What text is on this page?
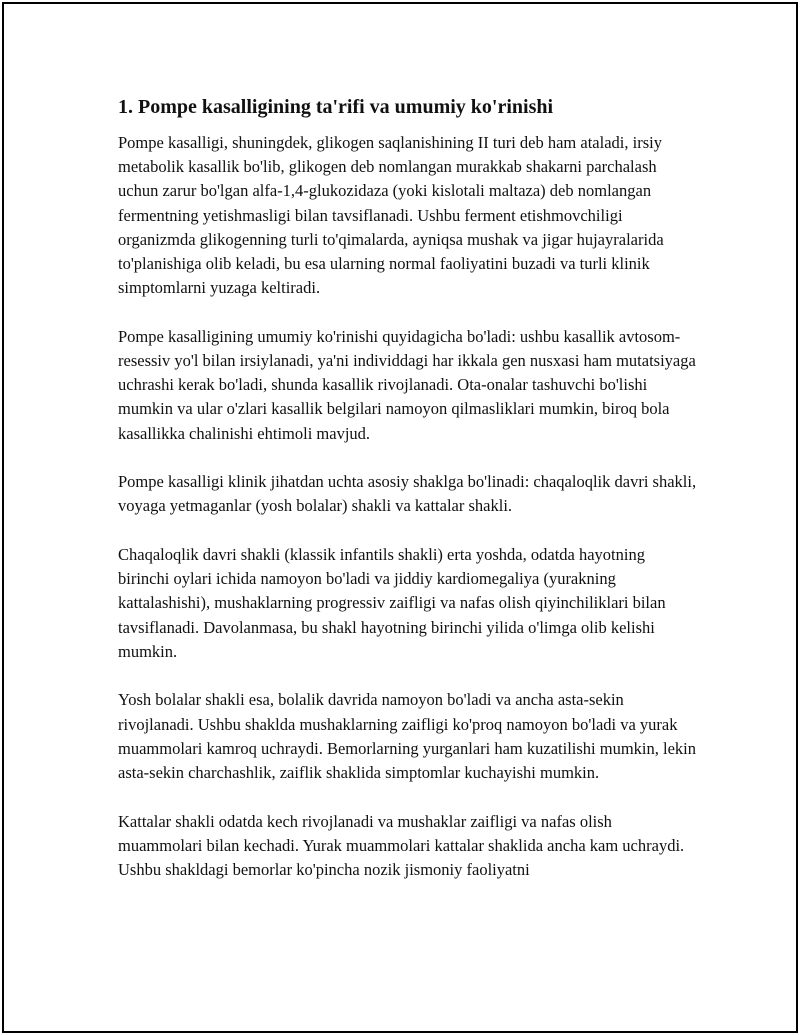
1. Pompe kasalligining ta'rifi va umumiy ko'rinishi

Pompe kasalligi, shuningdek, glikogen saqlanishining II turi deb ham ataladi, irsiy metabolik kasallik bo'lib, glikogen deb nomlangan murakkab shakarni parchalash uchun zarur bo'lgan alfa-1,4-glukozidaza (yoki kislotali maltaza) deb nomlangan fermentning yetishmasligi bilan tavsiflanadi. Ushbu ferment etishmovchiligi organizmda glikogenning turli to'qimalarda, ayniqsa mushak va jigar hujayralarida to'planishiga olib keladi, bu esa ularning normal faoliyatini buzadi va turli klinik simptomlarni yuzaga keltiradi.

Pompe kasalligining umumiy ko'rinishi quyidagicha bo'ladi: ushbu kasallik avtosom-resessiv yo'l bilan irsiylanadi, ya'ni individdagi har ikkala gen nusxasi ham mutatsiyaga uchrashi kerak bo'ladi, shunda kasallik rivojlanadi. Ota-onalar tashuvchi bo'lishi mumkin va ular o'zlari kasallik belgilari namoyon qilmasliklari mumkin, biroq bola kasallikka chalinishi ehtimoli mavjud.

Pompe kasalligi klinik jihatdan uchta asosiy shaklga bo'linadi: chaqaloqlik davri shakli, voyaga yetmaganlar (yosh bolalar) shakli va kattalar shakli.

Chaqaloqlik davri shakli (klassik infantils shakli) erta yoshda, odatda hayotning birinchi oylari ichida namoyon bo'ladi va jiddiy kardiomegaliya (yurakning kattalashishi), mushaklarning progressiv zaifligi va nafas olish qiyinchiliklari bilan tavsiflanadi. Davolanmasa, bu shakl hayotning birinchi yilida o'limga olib kelishi mumkin.

Yosh bolalar shakli esa, bolalik davrida namoyon bo'ladi va ancha asta-sekin rivojlanadi. Ushbu shaklda mushaklarning zaifligi ko'proq namoyon bo'ladi va yurak muammolari kamroq uchraydi. Bemorlarning yurganlari ham kuzatilishi mumkin, lekin asta-sekin charchashlik, zaiflik shaklida simptomlar kuchayishi mumkin.

Kattalar shakli odatda kech rivojlanadi va mushaklar zaifligi va nafas olish muammolari bilan kechadi. Yurak muammolari kattalar shaklida ancha kam uchraydi. Ushbu shakldagi bemorlar ko'pincha nozik jismoniy faoliyatni
